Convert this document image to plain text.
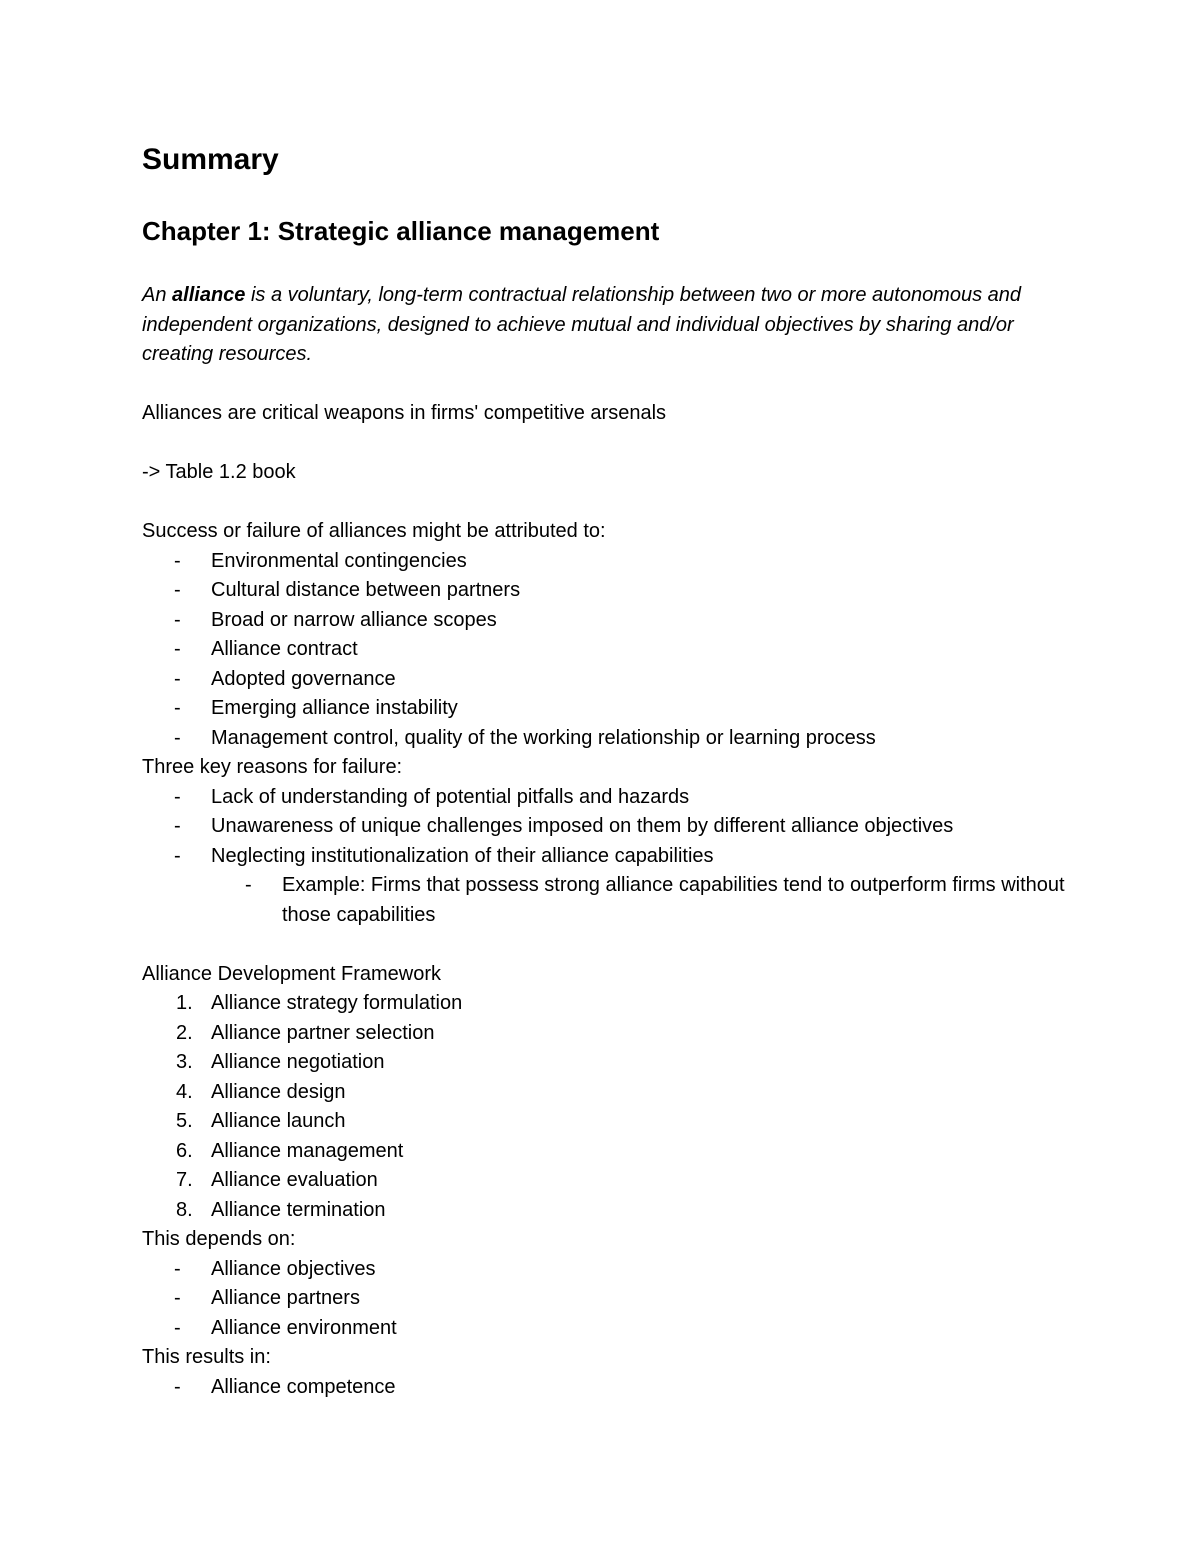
Summary
Chapter 1: Strategic alliance management

An alliance is a voluntary, long-term contractual relationship between two or more autonomous and independent organizations, designed to achieve mutual and individual objectives by sharing and/or creating resources.

Alliances are critical weapons in firms' competitive arsenals

-> Table 1.2 book

Success or failure of alliances might be attributed to:

- Environmental contingencies
- Cultural distance between partners
- Broad or narrow alliance scopes
- Alliance contract
- Adopted governance
- Emerging alliance instability
- Management control, quality of the working relationship or learning process

Three key reasons for failure:

- Lack of understanding of potential pitfalls and hazards
- Unawareness of unique challenges imposed on them by different alliance objectives
- Neglecting institutionalization of their alliance capabilities
- Example: Firms that possess strong alliance capabilities tend to outperform firms without those capabilities

Alliance Development Framework

1. Alliance strategy formulation
2. Alliance partner selection
3. Alliance negotiation
4. Alliance design
5. Alliance launch
6. Alliance management
7. Alliance evaluation
8. Alliance termination

This depends on:

- Alliance objectives
- Alliance partners
- Alliance environment

This results in:

- Alliance competence
